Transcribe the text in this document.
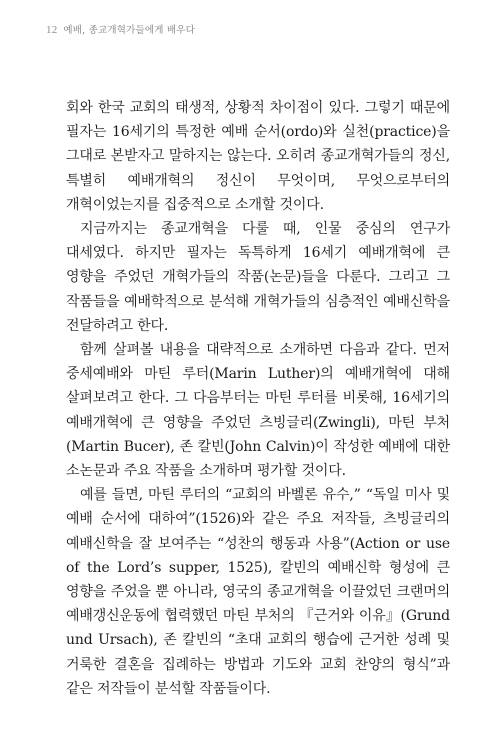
12 예배, 종교개혁가들에게 배우다

회와 한국 교회의 태생적, 상황적 차이점이 있다. 그렇기 때문에 필자는 16세기의 특정한 예배 순서(ordo)와 실천(practice)을 그대로 본받자고 말하지는 않는다. 오히려 종교개혁가들의 정신, 특별히 예배개혁의 정신이 무엇이며, 무엇으로부터의 개혁이었는지를 집중적으로 소개할 것이다.

지금까지는 종교개혁을 다룰 때, 인물 중심의 연구가 대세였다. 하지만 필자는 독특하게 16세기 예배개혁에 큰 영향을 주었던 개혁가들의 작품(논문)들을 다룬다. 그리고 그 작품들을 예배학적으로 분석해 개혁가들의 심층적인 예배신학을 전달하려고 한다.

함께 살펴볼 내용을 대략적으로 소개하면 다음과 같다. 먼저 중세예배와 마틴 루터(Marin Luther)의 예배개혁에 대해 살펴보려고 한다. 그 다음부터는 마틴 루터를 비롯해, 16세기의 예배개혁에 큰 영향을 주었던 츠빙글리(Zwingli), 마틴 부처(Martin Bucer), 존 칼빈(John Calvin)이 작성한 예배에 대한 소논문과 주요 작품을 소개하며 평가할 것이다.

예를 들면, 마틴 루터의 “교회의 바벨론 유수,” “독일 미사 및 예배 순서에 대하여”(1526)와 같은 주요 저작들, 츠빙글리의 예배신학을 잘 보여주는 “성찬의 행동과 사용”(Action or use of the Lord’s supper, 1525), 칼빈의 예배신학 형성에 큰 영향을 주었을 뿐 아니라, 영국의 종교개혁을 이끌었던 크랜머의 예배갱신운동에 협력했던 마틴 부처의 『근거와 이유』(Grund und Ursach), 존 칼빈의 “초대 교회의 행습에 근거한 성례 및 거룩한 결혼을 집례하는 방법과 기도와 교회 찬양의 형식”과 같은 저작들이 분석할 작품들이다.
